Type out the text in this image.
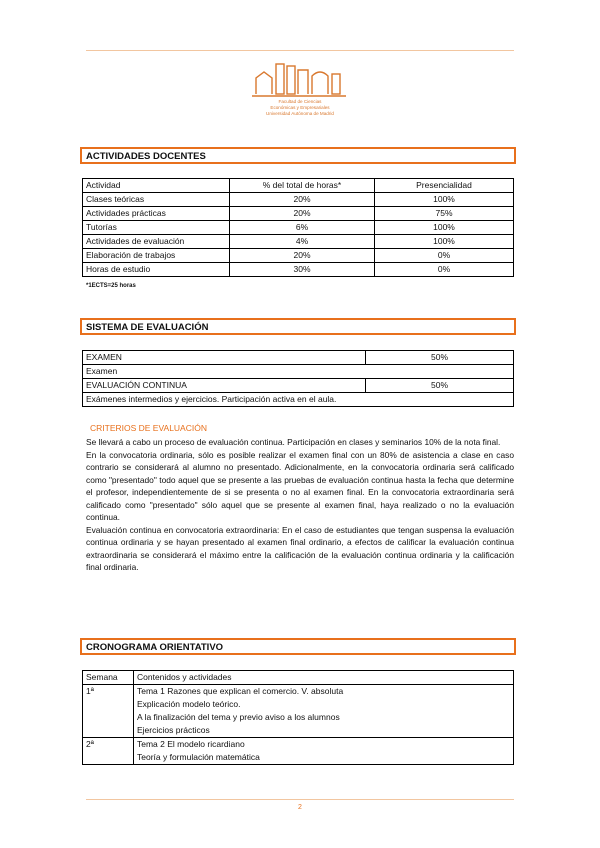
Facultad de Ciencias
Económicas y Empresariales
Universidad Autónoma de Madrid
ACTIVIDADES DOCENTES
Actividad	% del total de horas*	Presencialidad
Clases teóricas	20%	100%
Actividades prácticas	20%	75%
Tutorías	6%	100%
Actividades de evaluación	4%	100%
Elaboración de trabajos	20%	0%
Horas de estudio	30%	0%
*1ECTS=25 horas
SISTEMA DE EVALUACIÓN
EXAMEN	50%
Examen	
EVALUACIÓN CONTINUA	50%
Exámenes intermedios y ejercicios. Participación activa en el aula.	
CRITERIOS DE EVALUACIÓN

Se llevará a cabo un proceso de evaluación continua. Participación en clases y seminarios 10% de la nota final.

En la convocatoria ordinaria, sólo es posible realizar el examen final con un 80% de asistencia a clase en caso contrario se considerará al alumno no presentado. Adicionalmente, en la convocatoria ordinaria será calificado como "presentado" todo aquel que se presente a las pruebas de evaluación continua hasta la fecha que determine el profesor, independientemente de si se presenta o no al examen final. En la convocatoria extraordinaria será calificado como "presentado" sólo aquel que se presente al examen final, haya realizado o no la evaluación continua.

Evaluación continua en convocatoria extraordinaria: En el caso de estudiantes que tengan suspensa la evaluación continua ordinaria y se hayan presentado al examen final ordinario, a efectos de calificar la evaluación continua extraordinaria se considerará el máximo entre la calificación de la evaluación continua ordinaria y la calificación final ordinaria.

CRONOGRAMA ORIENTATIVO
Semana	Contenidos y actividades
1ª	Tema 1 Razones que explican el comercio. V. absoluta
Explicación modelo teórico.
A la finalización del tema y previo aviso a los alumnos
Ejercicios prácticos

2ª	Tema 2 El modelo ricardiano
Teoría y formulación matemática
2
